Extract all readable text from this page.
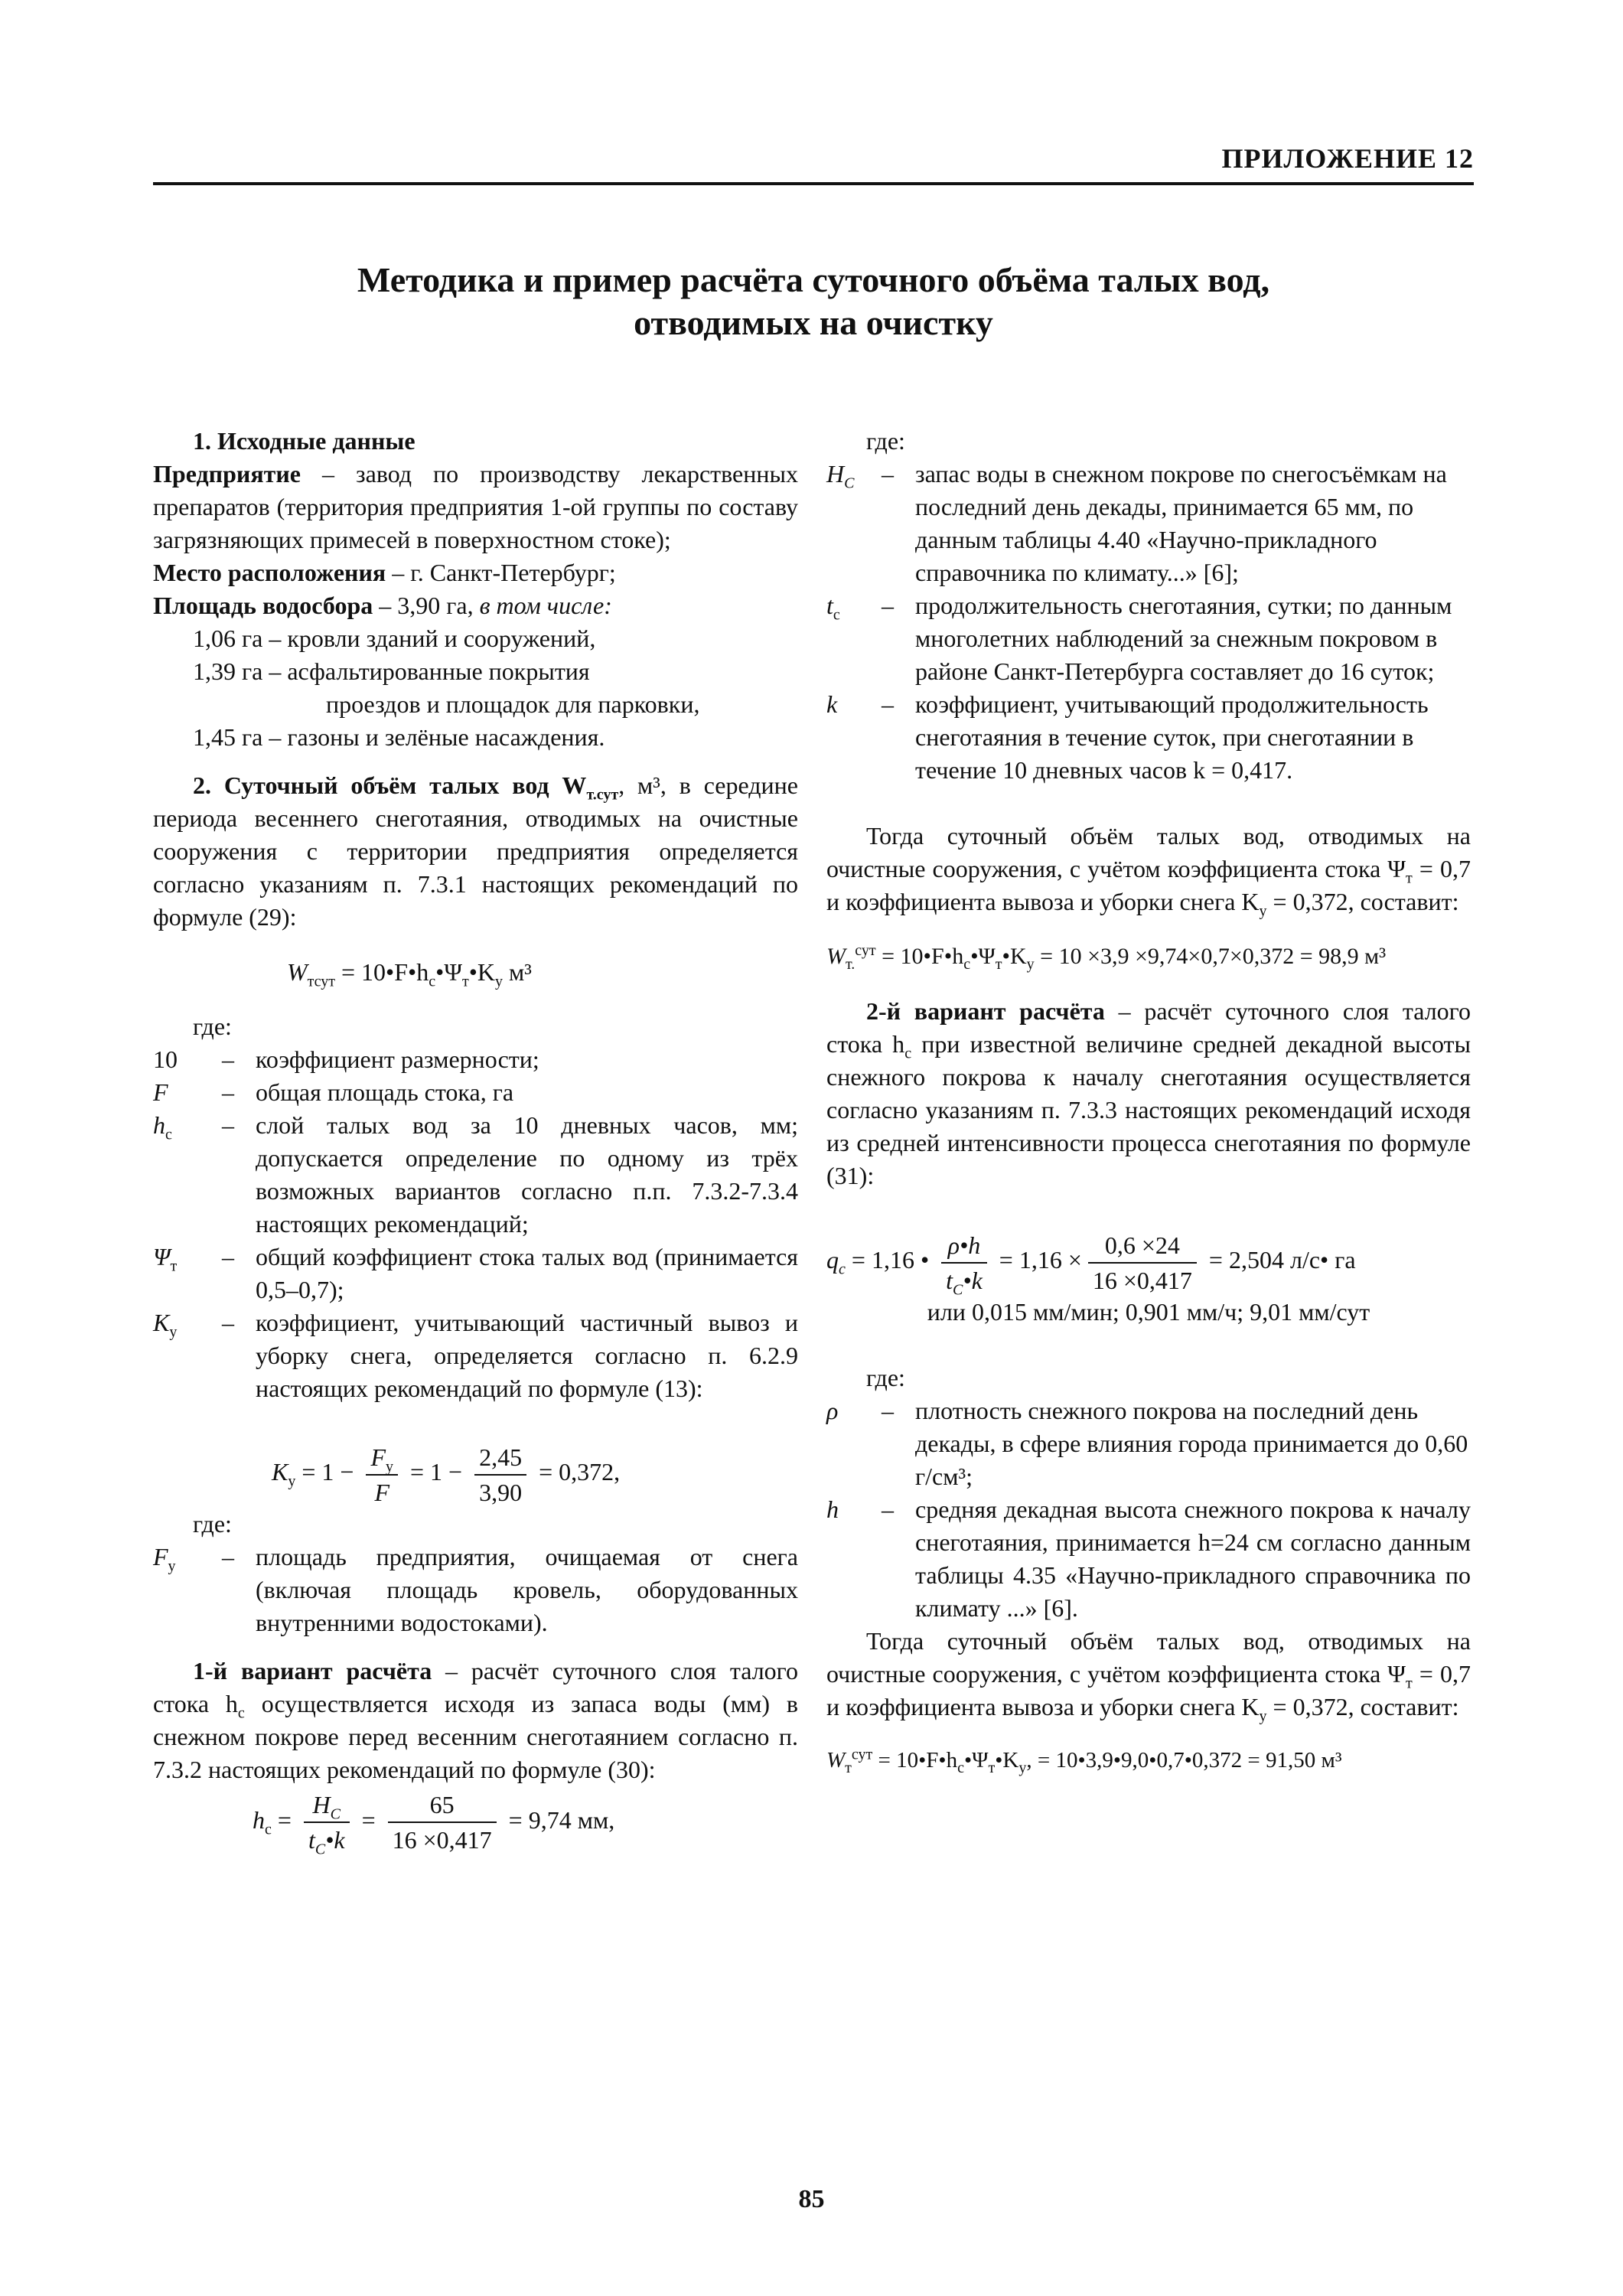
ПРИЛОЖЕНИЕ 12
Методика и пример расчёта суточного объёма талых вод,
отводимых на очистку

1. Исходные данные

Предприятие – завод по производству лекарственных препаратов (территория предприятия 1-ой группы по составу загрязняющих примесей в поверхностном стоке);

Место расположения – г. Санкт-Петербург;

Площадь водосбора – 3,90 га, в том числе:

1,06 га – кровли зданий и сооружений,
1,39 га – асфальтированные покрытия
проездов и площадок для парковки,
1,45 га – газоны и зелёные насаждения.

2. Суточный объём талых вод $W_{т.сут}$, м³, в середине периода весеннего снеготаяния, отводимых на очистные сооружения с территории предприятия определяется согласно указаниям п. 7.3.1 настоящих рекомендаций по формуле (29):

$W_{тсут}$ = $10•F•h_с•\Psi_т•K_у$ м³

где:

10	– коэффициент размерности;
F	– общая площадь стока, га
$h_с$	– слой талых вод за 10 дневных часов, мм; допускается определение по одному из трёх возможных вариантов согласно п.п. 7.3.2-7.3.4 настоящих рекомендаций;
$\Psi_т$	– общий коэффициент стока талых вод (принимается 0,5–0,7);
$K_у$	– коэффициент, учитывающий частичный вывоз и уборку снега, определяется согласно п. 6.2.9 настоящих рекомендаций по формуле (13):
$K_у = 1 - \frac{F_у}{F} = 1 - \frac{2,45}{3,90} = 0,372$,

где:

$F_у$	– площадь предприятия, очищаемая от снега (включая площадь кровель, оборудованных внутренними водостоками).

1-й вариант расчёта – расчёт суточного слоя талого стока $h_с$ осуществляется исходя из запаса воды (мм) в снежном покрове перед весенним снеготаянием согласно п. 7.3.2 настоящих рекомендаций по формуле (30):

$h_с = \frac{H_C}{t_C•k} = \frac{65}{16 \times 0,417} = 9,74$ мм,

где:

$H_C$	– запас воды в снежном покрове по снегосъёмкам на последний день декады, принимается 65 мм, по данным таблицы 4.40 «Научно-прикладного справочника по климату...» [6];
$t_с$	– продолжительность снеготаяния, сутки; по данным многолетних наблюдений за снежным покровом в районе Санкт-Петербурга составляет до 16 суток;
k	– коэффициент, учитывающий продолжительность снеготаяния в течение суток, при снеготаянии в течение 10 дневных часов k = 0,417.

Тогда суточный объём талых вод, отводимых на очистные сооружения, с учётом коэффициента стока $\Psi_т = 0,7$ и коэффициента вывоза и уборки снега $K_у = 0,372$, составит:

$W_{т.}^{сут}$ = $10•F•h_с•\Psi_т•K_у = 10 \times 3,9 \times 9,74\times 0,7\times 0,372 = 98,9$ м³

2-й вариант расчёта – расчёт суточного слоя талого стока $h_с$ при известной величине средней декадной высоты снежного покрова к началу снеготаяния осуществляется согласно указаниям п. 7.3.3 настоящих рекомендаций исходя из средней интенсивности процесса снеготаяния по формуле (31):

$q_c = 1,16$ • $\frac{\rho•h}{t_C•k} = 1,16 \times \frac{0,6 \times 24}{16 \times 0,417} = 2,504$ л/с• га

или 0,015 мм/мин; 0,901 мм/ч; 9,01 мм/сут

где:

ρ	– плотность снежного покрова на последний день декады, в сфере влияния города принимается до 0,60 г/см³;
h	– средняя декадная высота снежного покрова к началу снеготаяния, принимается h=24 см согласно данным таблицы 4.35 «Научно-прикладного справочника по климату ...» [6].

Тогда суточный объём талых вод, отводимых на очистные сооружения, с учётом коэффициента стока $\Psi_т = 0,7$ и коэффициента вывоза и уборки снега $K_у = 0,372$, составит:

$W_т^{сут}$ = $10•F•h_с•\Psi_т•K_у$, = 10•3,9•9,0•0,7•0,372 = 91,50 м³
85
